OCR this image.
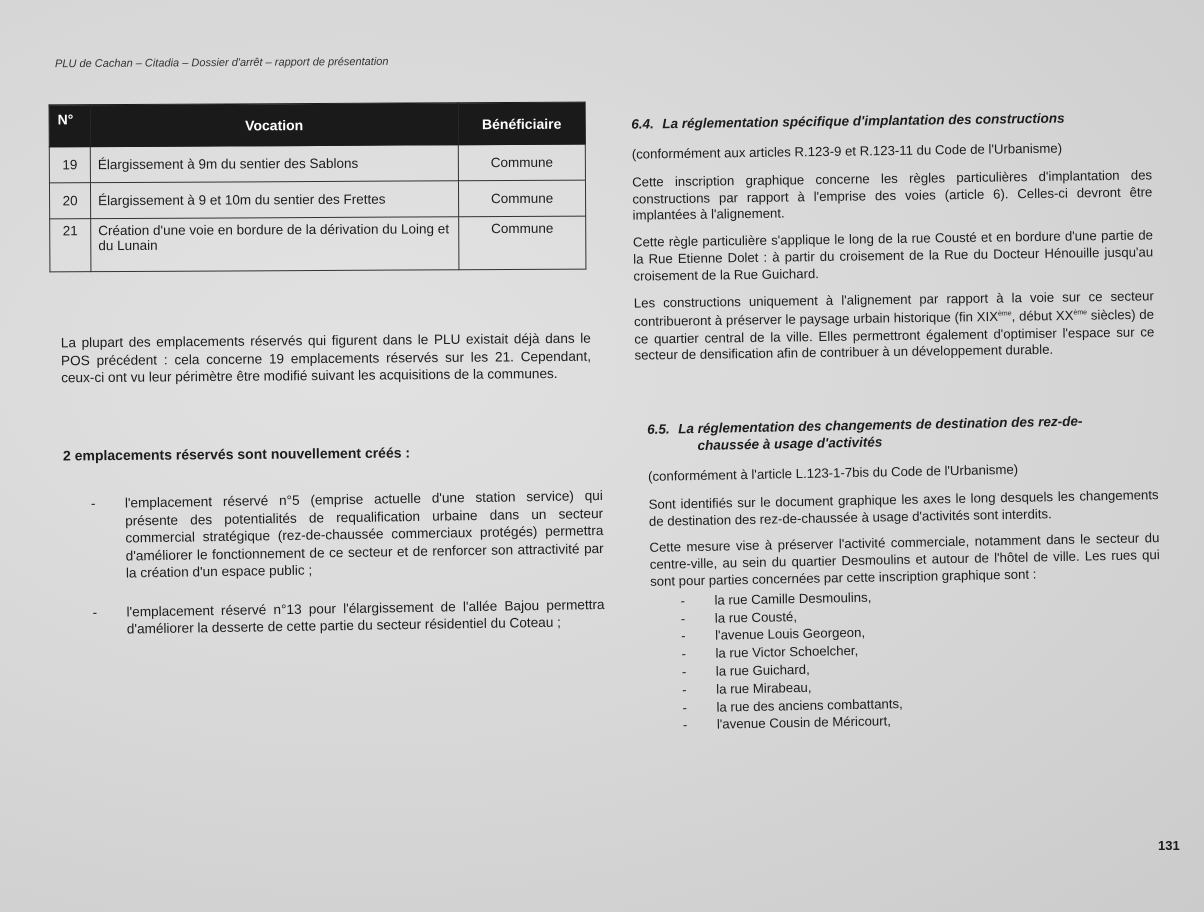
PLU de Cachan – Citadia – Dossier d'arrêt – rapport de présentation
N°	Vocation	Bénéficiaire
19	Élargissement à 9m du sentier des Sablons	Commune
20	Élargissement à 9 et 10m du sentier des Frettes	Commune
21	Création d'une voie en bordure de la dérivation du Loing et du Lunain	Commune
La plupart des emplacements réservés qui figurent dans le PLU existait déjà dans le POS précédent : cela concerne 19 emplacements réservés sur les 21. Cependant, ceux-ci ont vu leur périmètre être modifié suivant les acquisitions de la communes.
2 emplacements réservés sont nouvellement créés :
- l'emplacement réservé n°5 (emprise actuelle d'une station service) qui présente des potentialités de requalification urbaine dans un secteur commercial stratégique (rez-de-chaussée commerciaux protégés) permettra d'améliorer le fonctionnement de ce secteur et de renforcer son attractivité par la création d'un espace public ;
- l'emplacement réservé n°13 pour l'élargissement de l'allée Bajou permettra d'améliorer la desserte de cette partie du secteur résidentiel du Coteau ;
6.4. La réglementation spécifique d'implantation des constructions
(conformément aux articles R.123-9 et R.123-11 du Code de l'Urbanisme)
Cette inscription graphique concerne les règles particulières d'implantation des constructions par rapport à l'emprise des voies (article 6). Celles-ci devront être implantées à l'alignement.
Cette règle particulière s'applique le long de la rue Cousté et en bordure d'une partie de la Rue Etienne Dolet : à partir du croisement de la Rue du Docteur Hénouille jusqu'au croisement de la Rue Guichard.
Les constructions uniquement à l'alignement par rapport à la voie sur ce secteur contribueront à préserver le paysage urbain historique (fin XIXème, début XXème siècles) de ce quartier central de la ville. Elles permettront également d'optimiser l'espace sur ce secteur de densification afin de contribuer à un développement durable.
6.5. La réglementation des changements de destination des rez-de-
chaussée à usage d'activités
(conformément à l'article L.123-1-7bis du Code de l'Urbanisme)
Sont identifiés sur le document graphique les axes le long desquels les changements de destination des rez-de-chaussée à usage d'activités sont interdits.
Cette mesure vise à préserver l'activité commerciale, notamment dans le secteur du centre-ville, au sein du quartier Desmoulins et autour de l'hôtel de ville. Les rues qui sont pour parties concernées par cette inscription graphique sont :
- la rue Camille Desmoulins,
- la rue Cousté,
- l'avenue Louis Georgeon,
- la rue Victor Schoelcher,
- la rue Guichard,
- la rue Mirabeau,
- la rue des anciens combattants,
- l'avenue Cousin de Méricourt,
131
